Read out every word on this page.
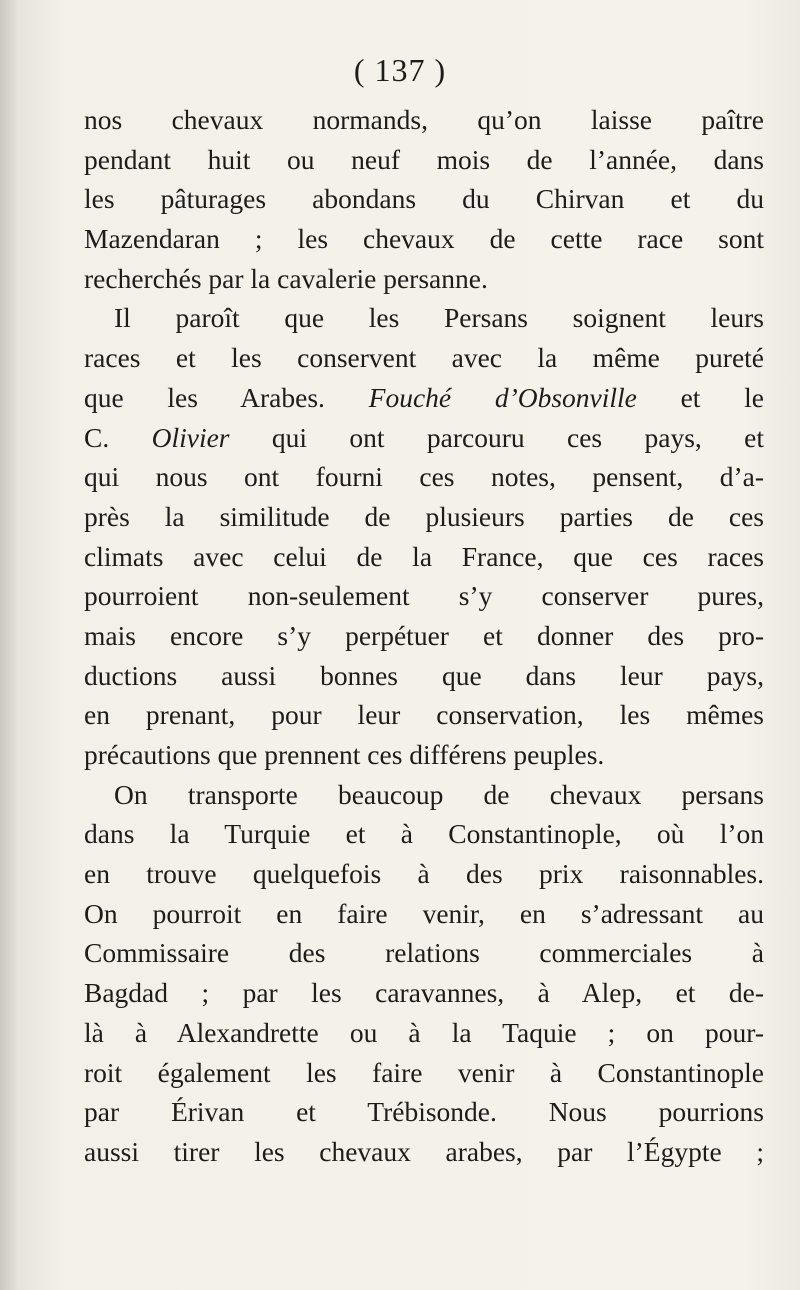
( 137 )
nos chevaux normands, qu’on laisse paître
pendant huit ou neuf mois de l’année, dans
les pâturages abondans du Chirvan et du
Mazendaran ; les chevaux de cette race sont
recherchés par la cavalerie persanne.
Il paroît que les Persans soignent leurs
races et les conservent avec la même pureté
que les Arabes. Fouché d’Obsonville et le
C. Olivier qui ont parcouru ces pays, et
qui nous ont fourni ces notes, pensent, d’a-
près la similitude de plusieurs parties de ces
climats avec celui de la France, que ces races
pourroient non-seulement s’y conserver pures,
mais encore s’y perpétuer et donner des pro-
ductions aussi bonnes que dans leur pays,
en prenant, pour leur conservation, les mêmes
précautions que prennent ces différens peuples.
On transporte beaucoup de chevaux persans
dans la Turquie et à Constantinople, où l’on
en trouve quelquefois à des prix raisonnables.
On pourroit en faire venir, en s’adressant au
Commissaire des relations commerciales à
Bagdad ; par les caravannes, à Alep, et de-
là à Alexandrette ou à la Taquie ; on pour-
roit également les faire venir à Constantinople
par Érivan et Trébisonde. Nous pourrions
aussi tirer les chevaux arabes, par l’Égypte ;
